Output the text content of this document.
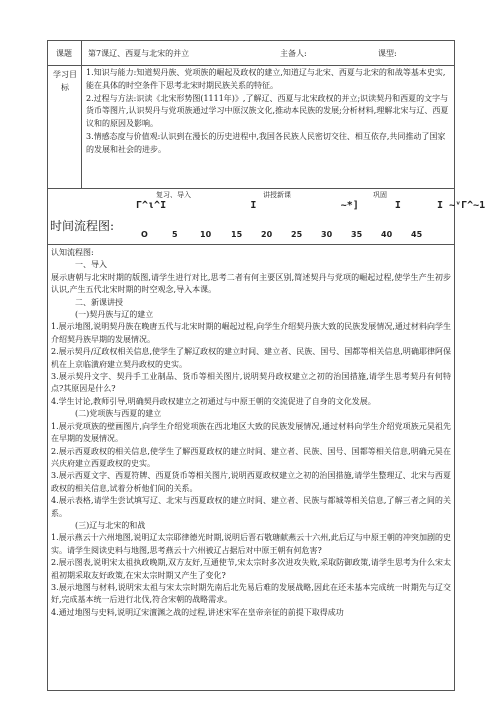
课题	第7课辽、西夏与北宋的并立	主备人:	课型:
学习目标

1.知识与能力:知道契丹族、党项族的崛起及政权的建立,知道辽与北宋、西夏与北宋的和战等基本史实,能在具体的时空条件下思考北宋时期民族关系的特征。

2.过程与方法:识读《北宋形势图(1111年)》,了解辽、西夏与北宋政权的并立;识读契丹和西夏的文字与货币等图片,认识契丹与党项族通过学习中原汉族文化,推动本民族的发展;分析材料,理解北宋与辽、西夏议和的原因及影响。

3.情感态度与价值观:认识到在漫长的历史进程中,我国各民族人民密切交往、相互依存,共同推动了国家的发展和社会的进步。

复习、导入	讲授新课	巩固
时间流程图:
Γ^ι^Ι              I              ~*]      I      I ~ᵛΓ^~1
O	5	10 15 20 25 30 35 40 45

认知流程图:

一、导入

展示唐朝与北宋时期的版图,请学生进行对比,思考二者有何主要区别,简述契丹与党项的崛起过程,使学生产生初步认识,产生五代北宋时期的时空观念,导入本课。

二、新课讲授

(一)契丹族与辽的建立

1.展示地图,说明契丹族在晚唐五代与北宋时期的崛起过程,向学生介绍契丹族大致的民族发展情况,通过材料向学生介绍契丹族早期的发展情况。

2.展示契丹/辽政权相关信息,使学生了解辽政权的建立时间、建立者、民族、国号、国都等相关信息,明确耶律阿保机在上京临潢府建立契丹政权的史实。

3.展示契丹文字、契丹手工业制品、货币等相关图片,说明契丹政权建立之初的治国措施,请学生思考契丹有何特点?其原因是什么?

4.学生讨论,教师引导,明确契丹政权建立之初通过与中原王朝的交流促进了自身的文化发展。

(二)党项族与西夏的建立

1.展示党项族的壁画图片,向学生介绍党项族在西北地区大致的民族发展情况,通过材料向学生介绍党项族元昊祖先在早期的发展情况。

2.展示西夏政权的相关信息,使学生了解西夏政权的建立时间、建立者、民族、国号、国都等相关信息,明确元昊在兴庆府建立西夏政权的史实。

3.展示西夏文字、西夏符牌、西夏货币等相关图片,说明西夏政权建立之初的治国措施,请学生整理辽、北宋与西夏政权的相关信息,试着分析他们间的关系。

4.展示表格,请学生尝试填写辽、北宋与西夏政权的建立时间、建立者、民族与都城等相关信息,了解三者之间的关系。

(三)辽与北宋的和战

1.展示燕云十六州地图,说明辽太宗耶律德光时期,说明后晋石敬瑭献燕云十六州,此后辽与中原王朝的冲突加剧的史实。请学生阅读史料与地图,思考燕云十六州被辽占据后对中原王朝有何危害?

2.展示图表,说明宋太祖执政晚期,双方友好,互通使节,宋太宗时多次进攻失败,采取防御政策,请学生思考为什么宋太祖初期采取友好政策,在宋太宗时期又产生了变化?

3.展示地图与材料,说明宋太祖与宋太宗时期先南后北先易后难的发展战略,因此在还未基本完成统一时期先与辽交好,完成基本统一后进行北伐,符合宋朝的战略需求。

4.通过地图与史料,说明辽宋澶渊之战的过程,讲述宋军在皇帝亲征的前提下取得成功
